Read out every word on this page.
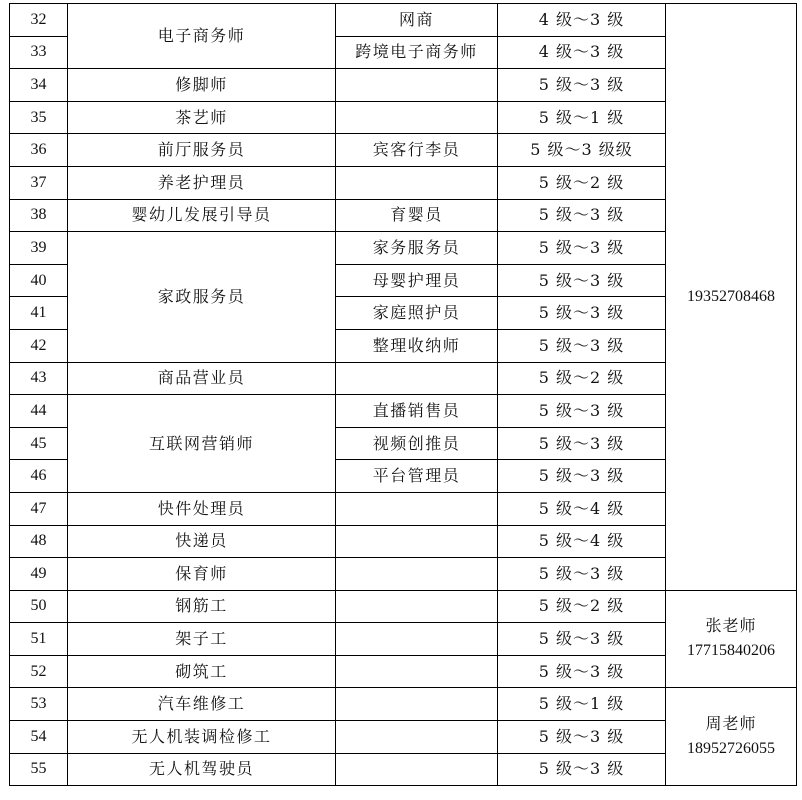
32	电子商务师	网商	4 级～3 级	19352708468

33		跨境电子商务师	4 级～3 级	
34	修脚师		5 级～3 级	
35	茶艺师		5 级～1 级	
36	前厅服务员	宾客行李员	5 级～3 级级	
37	养老护理员		5 级～2 级	
38	婴幼儿发展引导员	育婴员	5 级～3 级	
39	家政服务员	家务服务员	5 级～3 级	
40		母婴护理员	5 级～3 级	
41		家庭照护员	5 级～3 级	
42		整理收纳师	5 级～3 级	
43	商品营业员		5 级～2 级	
44	互联网营销师	直播销售员	5 级～3 级	
45		视频创推员	5 级～3 级	
46		平台管理员	5 级～3 级	
47	快件处理员		5 级～4 级	
48	快递员		5 级～4 级	
49	保育师		5 级～3 级	
50	钢筋工		5 级～2 级	张老师
17715840206

51	架子工		5 级～3 级	
52	砌筑工		5 级～3 级	
53	汽车维修工		5 级～1 级	周老师
18952726055

54	无人机装调检修工		5 级～3 级	
55	无人机驾驶员		5 级～3 级	
